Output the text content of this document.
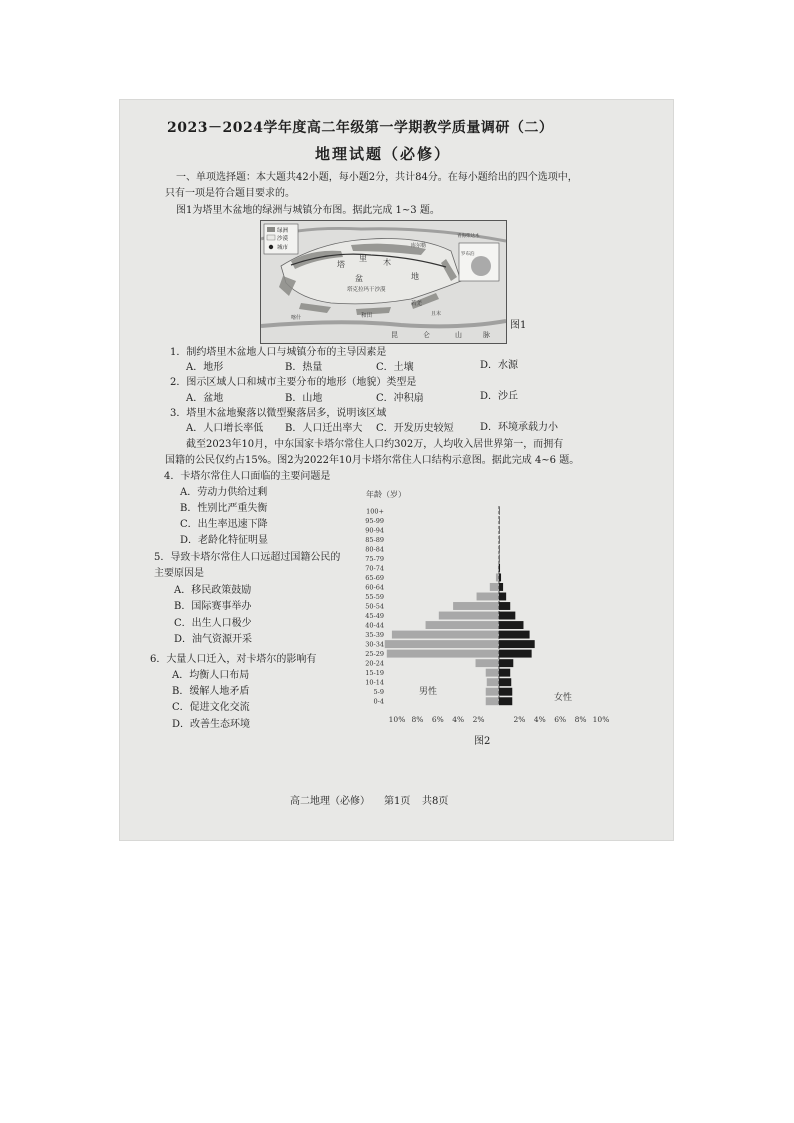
2023－2024学年度高二年级第一学期教学质量调研（二）
地理试题（必修）
一、单项选择题：本大题共42小题，每小题2分，共计84分。在每小题给出的四个选项中，
只有一项是符合题目要求的。
图1为塔里木盆地的绿洲与城镇分布图。据此完成 1~3 题。
绿洲
沙漠
城市
塔
里 木
盆	地
塔克拉玛干沙漠
若羌
和田
昆	仑	山	脉
库尔勒
且末
喀什
青海柴达木
罗布泊
图1
1．制约塔里木盆地人口与城镇分布的主导因素是
A．地形	B．热量	C．土壤	D．水源
2．图示区域人口和城市主要分布的地形（地貌）类型是
A．盆地	B．山地	C．冲积扇	D．沙丘
3．塔里木盆地聚落以微型聚落居多，说明该区域
A．人口增长率低 B．人口迁出率大 C．开发历史较短	D．环境承载力小
截至2023年10月，中东国家卡塔尔常住人口约302万，人均收入居世界第一，而拥有
国籍的公民仅约占15%。图2为2022年10月卡塔尔常住人口结构示意图。据此完成 4~6 题。
4．卡塔尔常住人口面临的主要问题是
A．劳动力供给过剩
B．性别比严重失衡
C．出生率迅速下降
D．老龄化特征明显
5．导致卡塔尔常住人口远超过国籍公民的
主要原因是
A．移民政策鼓励
B．国际赛事举办
C．出生人口极少
D．油气资源开采
6．大量人口迁入，对卡塔尔的影响有
A．均衡人口布局
B．缓解人地矛盾
C．促进文化交流
D．改善生态环境
年龄（岁）
0-4
5-9
10-14
15-19
20-24
25-29
30-34
35-39
40-44
45-49
50-54
55-59
60-64
65-69
70-74
75-79
80-84
85-89
90-94
95-99
100+
10% 8% 6% 4% 2%	2% 4% 6% 8% 10%
男性
女性
图2
高二地理（必修） 第1页 共8页
